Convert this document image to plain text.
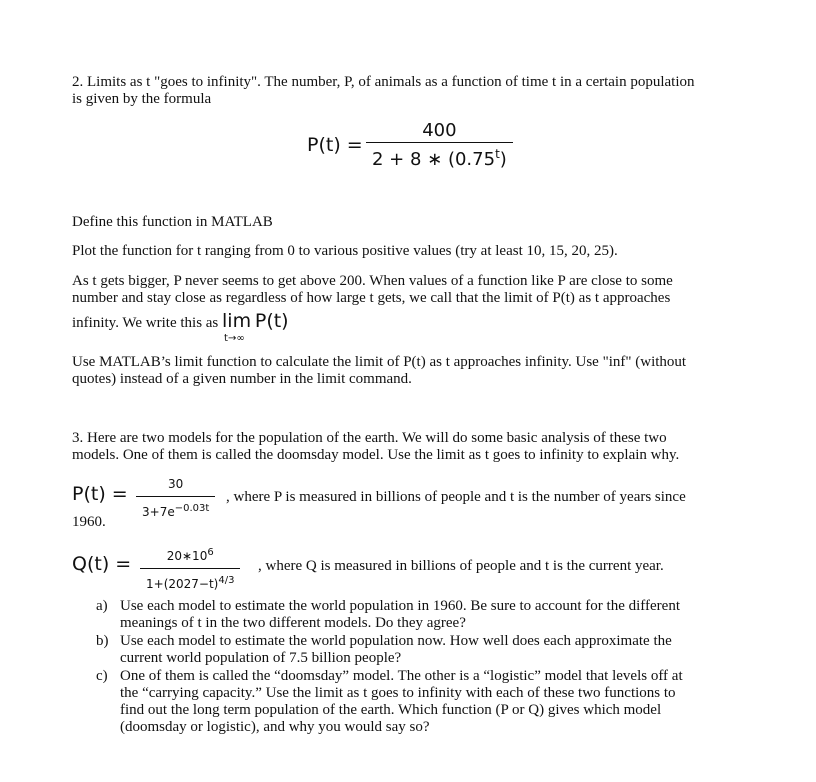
2. Limits as t "goes to infinity". The number, P, of animals as a function of time t in a certain population
is given by the formula
$P(t) = \frac{400}{2 + 8 ∗ (0.75^t)}$
Define this function in MATLAB
Plot the function for t ranging from 0 to various positive values (try at least 10, 15, 20, 25).
As t gets bigger, P never seems to get above 200. When values of a function like P are close to some
number and stay close as regardless of how large t gets, we call that the limit of P(t) as t approaches
infinity. We write this as lim P(t)
t→∞
Use MATLAB’s limit function to calculate the limit of P(t) as t approaches infinity. Use "inf" (without
quotes) instead of a given number in the limit command.
3. Here are two models for the population of the earth. We will do some basic analysis of these two
models. One of them is called the doomsday model. Use the limit as t goes to infinity to explain why.
$P(t) = \frac{30}{3+7e^{-0.03t}}$ , where P is measured in billions of people and t is the number of years since
1960.
$Q(t) = \frac{20∗10^6}{1+(2027-t)^{4/3}}$ , where Q is measured in billions of people and t is the current year.
a) Use each model to estimate the world population in 1960. Be sure to account for the different
meanings of t in the two different models. Do they agree?
b) Use each model to estimate the world population now. How well does each approximate the
current world population of 7.5 billion people?
c) One of them is called the “doomsday” model. The other is a “logistic” model that levels off at
the “carrying capacity.” Use the limit as t goes to infinity with each of these two functions to
find out the long term population of the earth. Which function (P or Q) gives which model
(doomsday or logistic), and why you would say so?
